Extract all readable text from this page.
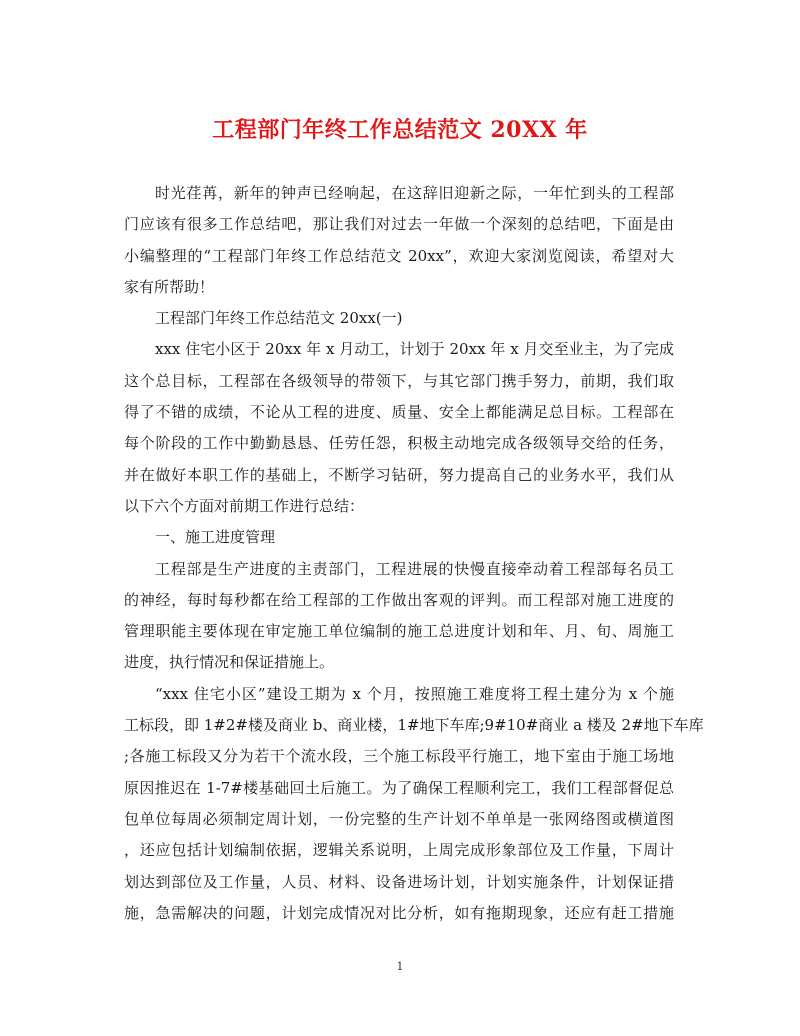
工程部门年终工作总结范文 20XX 年

时光荏苒，新年的钟声已经响起，在这辞旧迎新之际，一年忙到头的工程部
门应该有很多工作总结吧，那让我们对过去一年做一个深刻的总结吧，下面是由
小编整理的“工程部门年终工作总结范文 20xx”，欢迎大家浏览阅读，希望对大
家有所帮助！

工程部门年终工作总结范文 20xx(一)

xxx 住宅小区于 20xx 年 x 月动工，计划于 20xx 年 x 月交至业主，为了完成
这个总目标，工程部在各级领导的带领下，与其它部门携手努力，前期，我们取
得了不错的成绩，不论从工程的进度、质量、安全上都能满足总目标。工程部在
每个阶段的工作中勤勤恳恳、任劳任怨，积极主动地完成各级领导交给的任务，
并在做好本职工作的基础上，不断学习钻研，努力提高自己的业务水平，我们从
以下六个方面对前期工作进行总结：

一、施工进度管理

工程部是生产进度的主责部门，工程进展的快慢直接牵动着工程部每名员工
的神经，每时每秒都在给工程部的工作做出客观的评判。而工程部对施工进度的
管理职能主要体现在审定施工单位编制的施工总进度计划和年、月、旬、周施工
进度，执行情况和保证措施上。

“xxx 住宅小区”建设工期为 x 个月，按照施工难度将工程土建分为 x 个施
工标段，即 1#2#楼及商业 b、商业楼，1#地下车库;9#10#商业 a 楼及 2#地下车库
;各施工标段又分为若干个流水段，三个施工标段平行施工，地下室由于施工场地
原因推迟在 1-7#楼基础回土后施工。为了确保工程顺利完工，我们工程部督促总
包单位每周必须制定周计划，一份完整的生产计划不单单是一张网络图或横道图
，还应包括计划编制依据，逻辑关系说明，上周完成形象部位及工作量，下周计
划达到部位及工作量，人员、材料、设备进场计划，计划实施条件，计划保证措
施，急需解决的问题，计划完成情况对比分析，如有拖期现象，还应有赶工措施

1
